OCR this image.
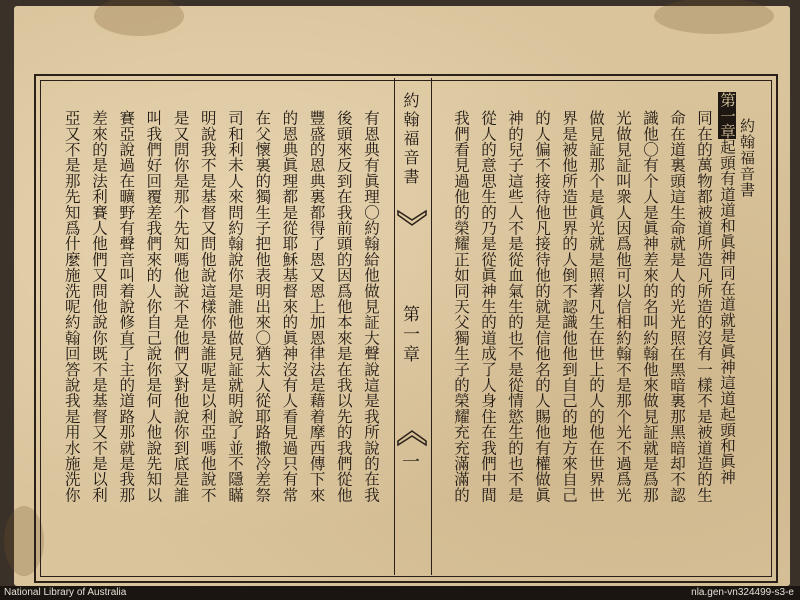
約翰福音書
第一章
一
約翰福音書
第一章起頭有道道和眞神同在道就是眞神這道起頭和眞神
同在的萬物都被道所造凡所造的沒有一樣不是被道造的生
命在道裏頭這生命就是人的光光照在黑暗裏那黑暗却不認
識他〇有个人是眞神差來的名叫約翰他來做見証就是爲那
光做見証叫衆人因爲他可以信相約翰不是那个光不過爲光
做見証那个是眞光就是照著凡生在世上的人的他在世界世
界是被他所造世界的人倒不認識他他到自己的地方來自己
的人偏不接待他凡接待他的就是信他名的人賜他有權做眞
神的兒子這些人不是從血氣生的也不是從情慾生的也不是
從人的意思生的乃是從眞神生的道成了人身住在我們中間
我們看見過他的榮耀正如同天父獨生子的榮耀充充滿滿的
有恩典有眞理〇約翰給他做見証大聲說這是我所說的在我
後頭來反到在我前頭的因爲他本來是在我以先的我們從他
豐盛的恩典裏都得了恩又恩上加恩律法是藉着摩西傳下來
的恩典眞理都是從耶穌基督來的眞神沒有人看見過只有常
在父懷裏的獨生子把他表明出來〇猶太人從耶路撒冷差祭
司和利未人來問約翰說你是誰他做見証就明說了並不隱瞞
明說我不是基督又問他說這樣你是誰呢是以利亞嗎他說不
是又問你是那个先知嗎他說不是他們又對他說你到底是誰
叫我們好回覆差我們來的人你自己說你是何人他說先知以
賽亞說過在曠野有聲音叫着說修直了主的道路那就是我那
差來的是法利賽人他們又問他說你既不是基督又不是以利
亞又不是那先知爲什麼施洗呢約翰回答說我是用水施洗你
National Library of Australia	nla.gen-vn324499-s3-e
